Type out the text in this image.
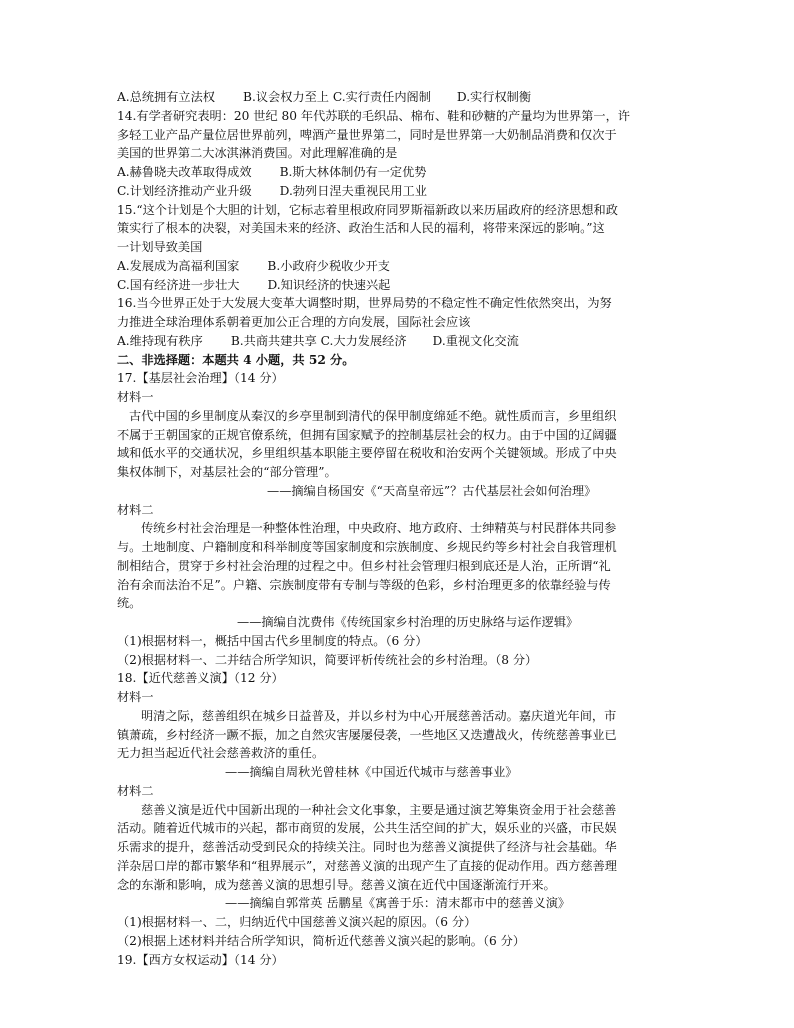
A.总统拥有立法权 B.议会权力至上 C.实行责任内阁制 D.实行权制衡
14.有学者研究表明：20 世纪 80 年代苏联的毛织品、棉布、鞋和砂糖的产量均为世界第一，许
多轻工业产品产量位居世界前列，啤酒产量世界第二，同时是世界第一大奶制品消费和仅次于
美国的世界第二大冰淇淋消费国。对此理解准确的是
A.赫鲁晓夫改革取得成效 B.斯大林体制仍有一定优势
C.计划经济推动产业升级 D.勃列日涅夫重视民用工业
15.“这个计划是个大胆的计划，它标志着里根政府同罗斯福新政以来历届政府的经济思想和政
策实行了根本的决裂，对美国未来的经济、政治生活和人民的福利，将带来深远的影响。”这
一计划导致美国
A.发展成为高福利国家 B.小政府少税收少开支
C.国有经济进一步壮大 D.知识经济的快速兴起
16.当今世界正处于大发展大变革大调整时期，世界局势的不稳定性不确定性依然突出，为努
力推进全球治理体系朝着更加公正合理的方向发展，国际社会应该
A.维持现有秩序 B.共商共建共享 C.大力发展经济 D.重视文化交流
二、非选择题：本题共 4 小题，共 52 分。
17.【基层社会治理】（14 分）
材料一
古代中国的乡里制度从秦汉的乡亭里制到清代的保甲制度绵延不绝。就性质而言，乡里组织
不属于王朝国家的正规官僚系统，但拥有国家赋予的控制基层社会的权力。由于中国的辽阔疆
域和低水平的交通状况，乡里组织基本职能主要停留在税收和治安两个关键领域。形成了中央
集权体制下，对基层社会的“部分管理”。
——摘编自杨国安《“天高皇帝远”？古代基层社会如何治理》
材料二
传统乡村社会治理是一种整体性治理，中央政府、地方政府、士绅精英与村民群体共同参
与。土地制度、户籍制度和科举制度等国家制度和宗族制度、乡规民约等乡村社会自我管理机
制相结合，贯穿于乡村社会治理的过程之中。但乡村社会管理归根到底还是人治，正所谓“礼
治有余而法治不足”。户籍、宗族制度带有专制与等级的色彩，乡村治理更多的依靠经验与传
统。
——摘编自沈费伟《传统国家乡村治理的历史脉络与运作逻辑》
（1)根据材料一，概括中国古代乡里制度的特点。（6 分）
（2)根据材料一、二并结合所学知识，简要评析传统社会的乡村治理。（8 分）
18.【近代慈善义演】（12 分）
材料一
明清之际，慈善组织在城乡日益普及，并以乡村为中心开展慈善活动。嘉庆道光年间，市
镇萧疏，乡村经济一蹶不振，加之自然灾害屡屡侵袭，一些地区又迭遭战火，传统慈善事业已
无力担当起近代社会慈善救济的重任。
——摘编自周秋光曾桂林《中国近代城市与慈善事业》
材料二
慈善义演是近代中国新出现的一种社会文化事象，主要是通过演艺筹集资金用于社会慈善
活动。随着近代城市的兴起，都市商贸的发展，公共生活空间的扩大，娱乐业的兴盛，市民娱
乐需求的提升，慈善活动受到民众的持续关注。同时也为慈善义演提供了经济与社会基础。华
洋杂居口岸的都市繁华和“租界展示”，对慈善义演的出现产生了直接的促动作用。西方慈善理
念的东渐和影响，成为慈善义演的思想引导。慈善义演在近代中国逐渐流行开来。
——摘编自郭常英 岳鹏星《寓善于乐：清末都市中的慈善义演》
（1)根据材料一、二，归纳近代中国慈善义演兴起的原因。（6 分）
（2)根据上述材料并结合所学知识，简析近代慈善义演兴起的影响。（6 分）
19.【西方女权运动】（14 分）
